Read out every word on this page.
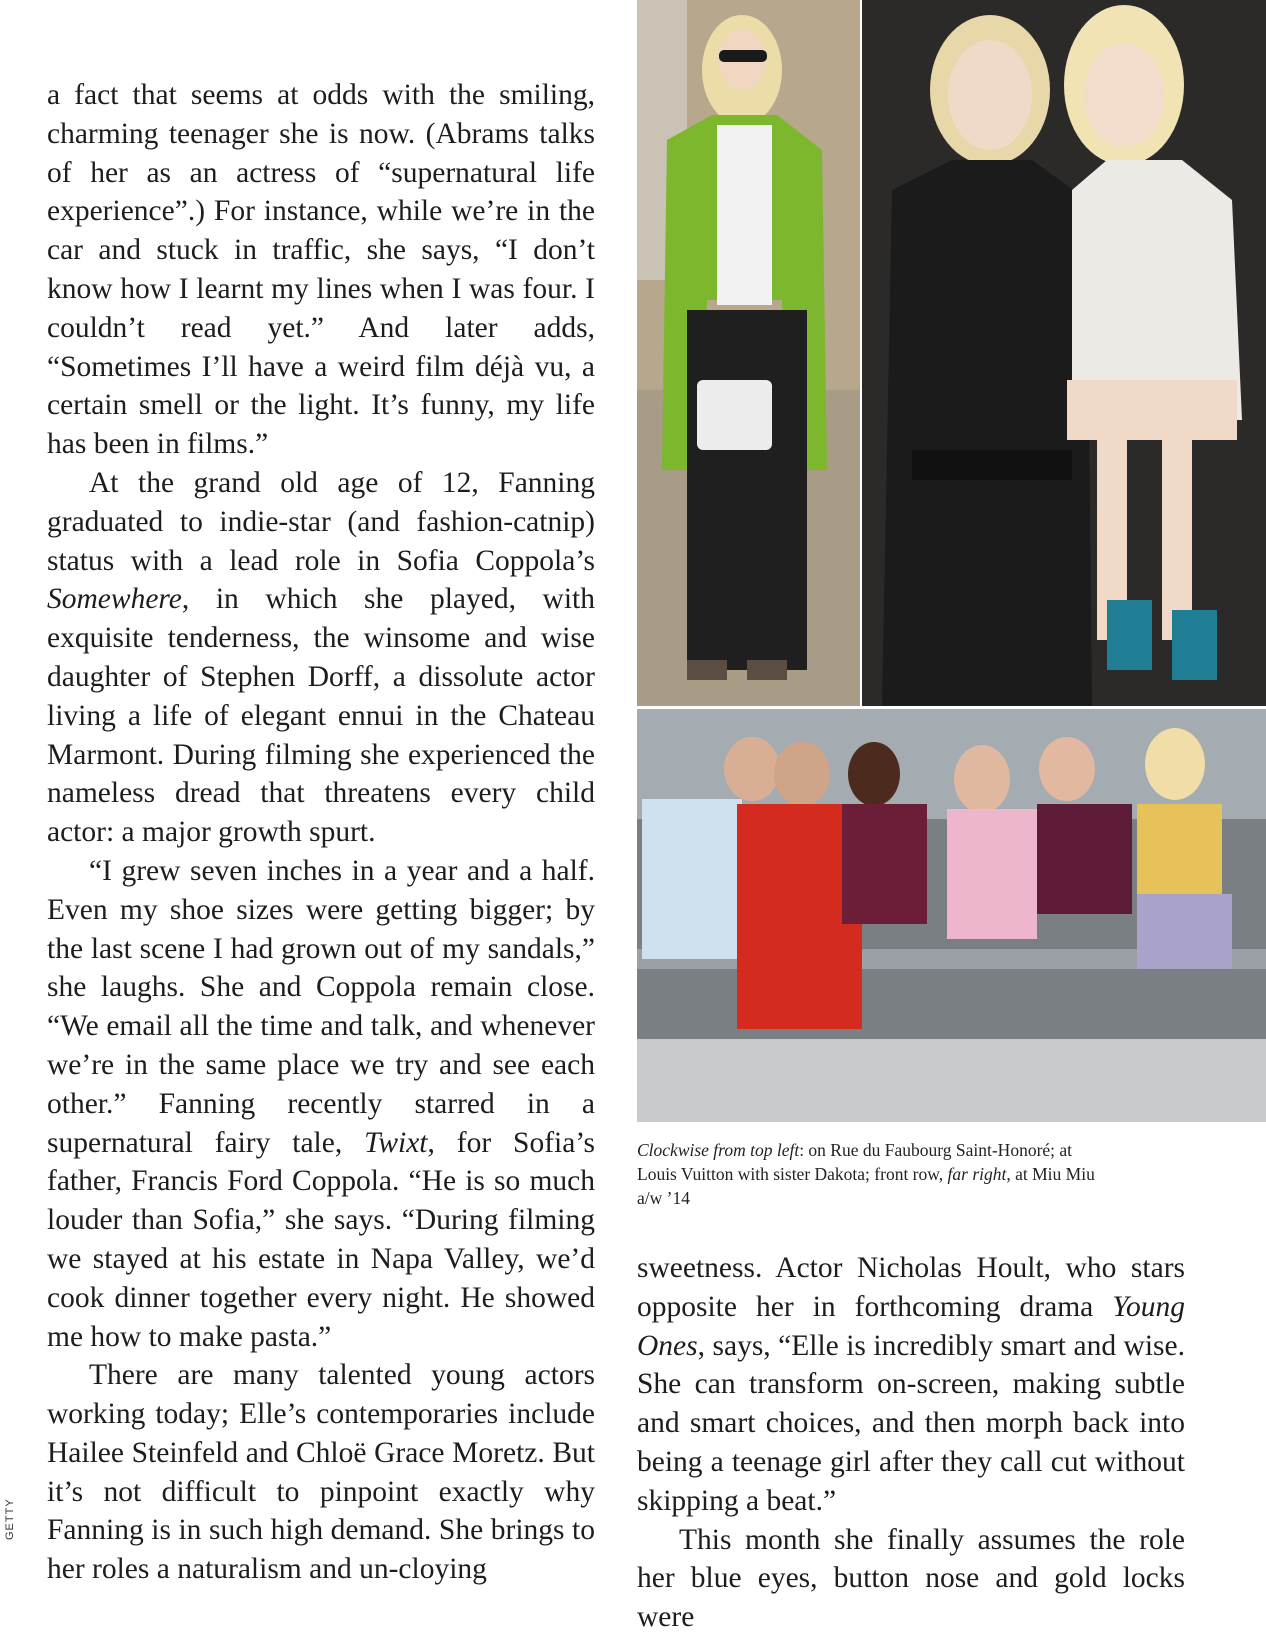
Clockwise from top left: on Rue du Faubourg Saint-Honoré; at Louis Vuitton with sister Dakota; front row, far right, at Miu Miu a/w ’14

a fact that seems at odds with the smiling, charming teenager she is now. (Abrams talks of her as an actress of “supernatural life experience”.) For instance, while we’re in the car and stuck in traffic, she says, “I don’t know how I learnt my lines when I was four. I couldn’t read yet.” And later adds, “Sometimes I’ll have a weird film déjà vu, a certain smell or the light. It’s funny, my life has been in films.”

At the grand old age of 12, Fanning graduated to indie-star (and fashion-catnip) status with a lead role in Sofia Coppola’s Somewhere, in which she played, with exquisite tenderness, the winsome and wise daughter of Stephen Dorff, a dissolute actor living a life of elegant ennui in the Chateau Marmont. During filming she experienced the nameless dread that threatens every child actor: a major growth spurt.

“I grew seven inches in a year and a half. Even my shoe sizes were getting bigger; by the last scene I had grown out of my sandals,” she laughs. She and Coppola remain close. “We email all the time and talk, and whenever we’re in the same place we try and see each other.” Fanning recently starred in a supernatural fairy tale, Twixt, for Sofia’s father, Francis Ford Coppola. “He is so much louder than Sofia,” she says. “During filming we stayed at his estate in Napa Valley, we’d cook dinner together every night. He showed me how to make pasta.”

There are many talented young actors working today; Elle’s contemporaries include Hailee Steinfeld and Chloë Grace Moretz. But it’s not difficult to pinpoint exactly why Fanning is in such high demand. She brings to her roles a naturalism and un-cloying

sweetness. Actor Nicholas Hoult, who stars opposite her in forthcoming drama Young Ones, says, “Elle is incredibly smart and wise. She can transform on-screen, making subtle and smart choices, and then morph back into being a teenage girl after they call cut without skipping a beat.”

This month she finally assumes the role her blue eyes, button nose and gold locks were

GETTY
